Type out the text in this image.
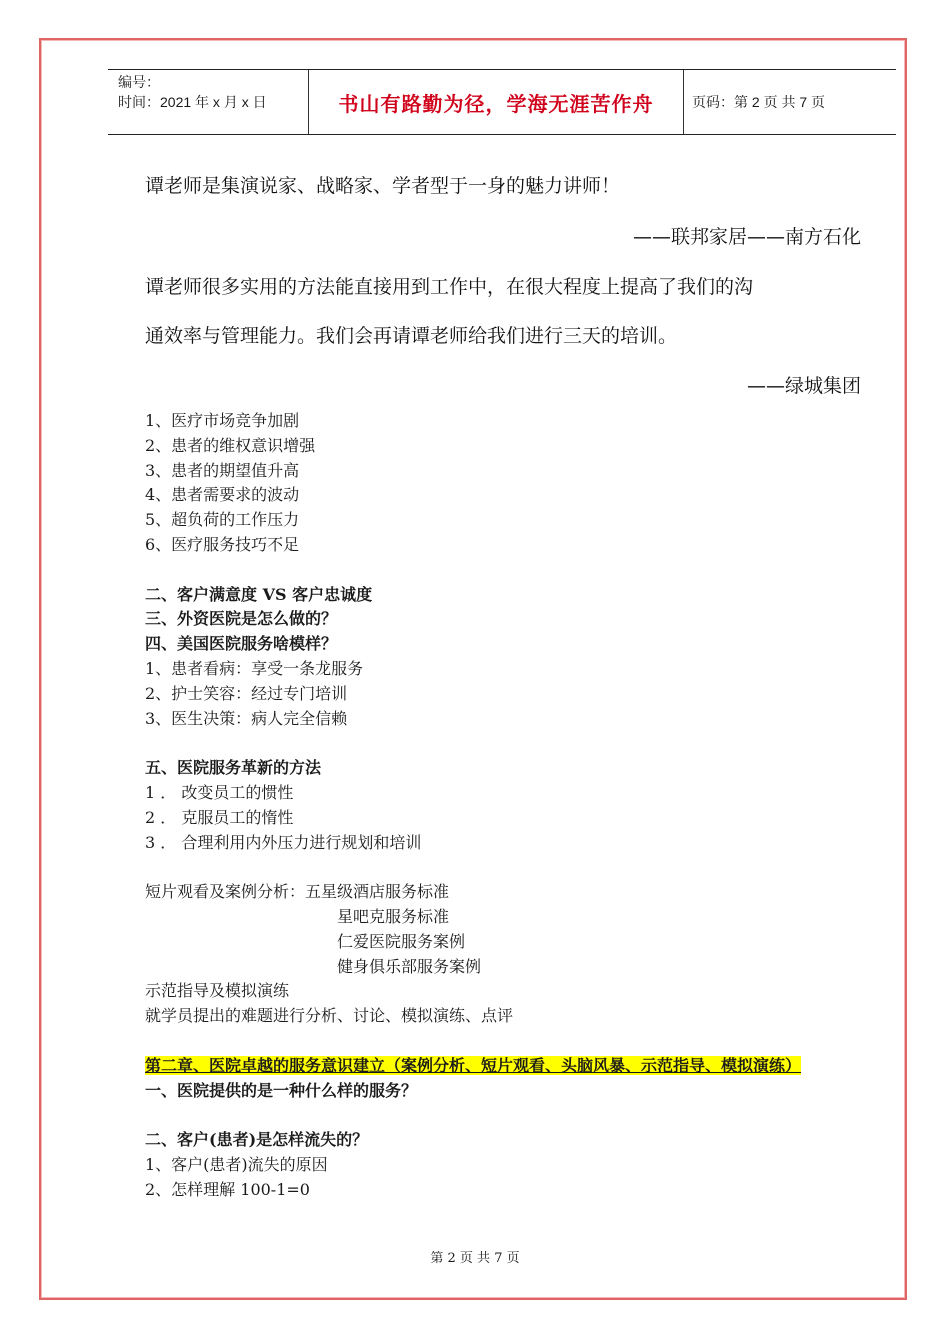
编号：
时间：2021 年 x 月 x 日	书山有路勤为径，学海无涯苦作舟	页码：第 2 页 共 7 页
谭老师是集演说家、战略家、学者型于一身的魅力讲师！
——联邦家居——南方石化
谭老师很多实用的方法能直接用到工作中，在很大程度上提高了我们的沟
通效率与管理能力。我们会再请谭老师给我们进行三天的培训。
——绿城集团
1、医疗市场竞争加剧
2、患者的维权意识增强
3、患者的期望值升高
4、患者需要求的波动
5、超负荷的工作压力
6、医疗服务技巧不足
二、客户满意度 VS 客户忠诚度
三、外资医院是怎么做的？
四、美国医院服务啥模样？
1、患者看病：享受一条龙服务
2、护士笑容：经过专门培训
3、医生决策：病人完全信赖
五、医院服务革新的方法
1 ． 改变员工的惯性
2 ． 克服员工的惰性
3 ． 合理利用内外压力进行规划和培训
短片观看及案例分析：五星级酒店服务标准
星吧克服务标准
仁爱医院服务案例
健身俱乐部服务案例
示范指导及模拟演练
就学员提出的难题进行分析、讨论、模拟演练、点评
第二章、医院卓越的服务意识建立（案例分析、短片观看、头脑风暴、示范指导、模拟演练）
一、医院提供的是一种什么样的服务？
二、客户(患者)是怎样流失的？
1、客户(患者)流失的原因
2、怎样理解 100-1=0
第 2 页 共 7 页
